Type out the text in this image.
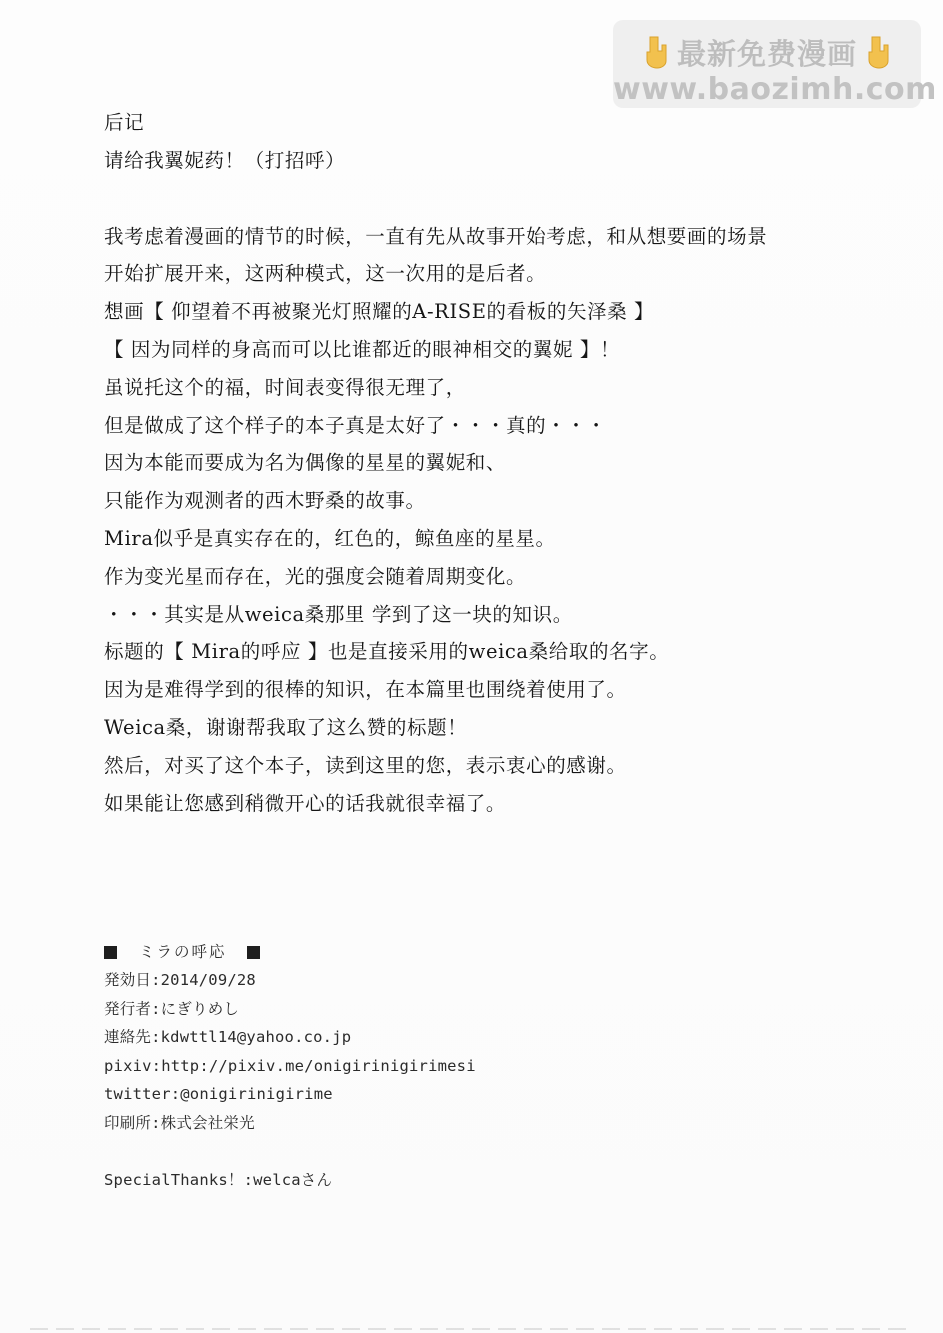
最新免费漫画
www.baozimh.com
后记
请给我翼妮药！（打招呼）
我考虑着漫画的情节的时候，一直有先从故事开始考虑，和从想要画的场景
开始扩展开来，这两种模式，这一次用的是后者。
想画【 仰望着不再被聚光灯照耀的A-RISE的看板的矢泽桑 】
【 因为同样的身高而可以比谁都近的眼神相交的翼妮 】！
虽说托这个的福，时间表变得很无理了，
但是做成了这个样子的本子真是太好了・・・真的・・・
因为本能而要成为名为偶像的星星的翼妮和、
只能作为观测者的西木野桑的故事。
Mira似乎是真实存在的，红色的，鲸鱼座的星星。
作为变光星而存在，光的强度会随着周期变化。
・・・其实是从weica桑那里 学到了这一块的知识。
标题的【 Mira的呼应 】也是直接采用的weica桑给取的名字。
因为是难得学到的很棒的知识，在本篇里也围绕着使用了。
Weica桑，谢谢帮我取了这么赞的标题！
然后，对买了这个本子，读到这里的您，表示衷心的感谢。
如果能让您感到稍微开心的话我就很幸福了。
ミラの呼応
発効日:2014/09/28
発行者:にぎりめし
連絡先:kdwttl14@yahoo.co.jp
pixiv:http://pixiv.me/onigirinigirimesi
twitter:@onigirinigirime
印刷所:株式会社栄光
SpecialThanks！:welcaさん
